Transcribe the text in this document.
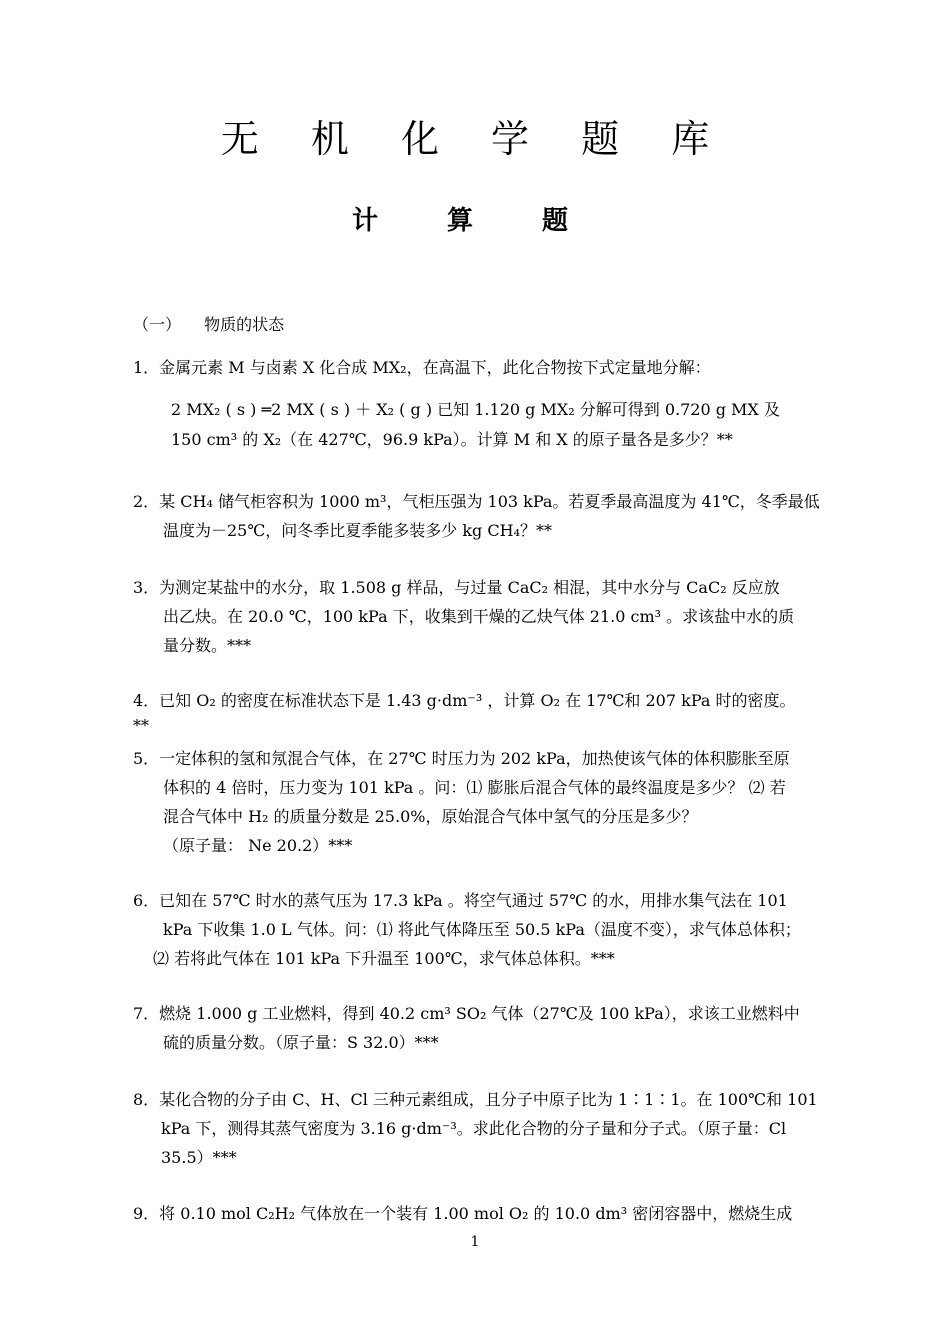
无 机 化 学 题 库
计 算 题
（一） 物质的状态

1．金属元素 M 与卤素 X 化合成 MX₂，在高温下，此化合物按下式定量地分解：

2 MX₂ ( s ) ═2 MX ( s ) ＋ X₂ ( g ) 已知 1.120 g MX₂ 分解可得到 0.720 g MX 及

150 cm³ 的 X₂（在 427℃，96.9 kPa）。计算 M 和 X 的原子量各是多少？**

2．某 CH₄ 储气柜容积为 1000 m³，气柜压强为 103 kPa。若夏季最高温度为 41℃，冬季最低

温度为－25℃，问冬季比夏季能多装多少 kg CH₄？**

3．为测定某盐中的水分，取 1.508 g 样品，与过量 CaC₂ 相混，其中水分与 CaC₂ 反应放

出乙炔。在 20.0 ℃，100 kPa 下，收集到干燥的乙炔气体 21.0 cm³ 。求该盐中水的质

量分数。***

4．已知 O₂ 的密度在标准状态下是 1.43 g·dm⁻³ ，计算 O₂ 在 17℃和 207 kPa 时的密度。

**

5．一定体积的氢和氖混合气体，在 27℃ 时压力为 202 kPa，加热使该气体的体积膨胀至原

体积的 4 倍时，压力变为 101 kPa 。问：⑴ 膨胀后混合气体的最终温度是多少？ ⑵ 若

混合气体中 H₂ 的质量分数是 25.0%，原始混合气体中氢气的分压是多少？

（原子量： Ne 20.2）***

6．已知在 57℃ 时水的蒸气压为 17.3 kPa 。将空气通过 57℃ 的水，用排水集气法在 101

kPa 下收集 1.0 L 气体。问：⑴ 将此气体降压至 50.5 kPa（温度不变），求气体总体积；

⑵ 若将此气体在 101 kPa 下升温至 100℃，求气体总体积。***

7．燃烧 1.000 g 工业燃料，得到 40.2 cm³ SO₂ 气体（27℃及 100 kPa），求该工业燃料中

硫的质量分数。（原子量：S 32.0）***

8．某化合物的分子由 C、H、Cl 三种元素组成，且分子中原子比为 1∶1∶1。在 100℃和 101

kPa 下，测得其蒸气密度为 3.16 g·dm⁻³。求此化合物的分子量和分子式。（原子量：Cl

35.5）***

9．将 0.10 mol C₂H₂ 气体放在一个装有 1.00 mol O₂ 的 10.0 dm³ 密闭容器中，燃烧生成

1
